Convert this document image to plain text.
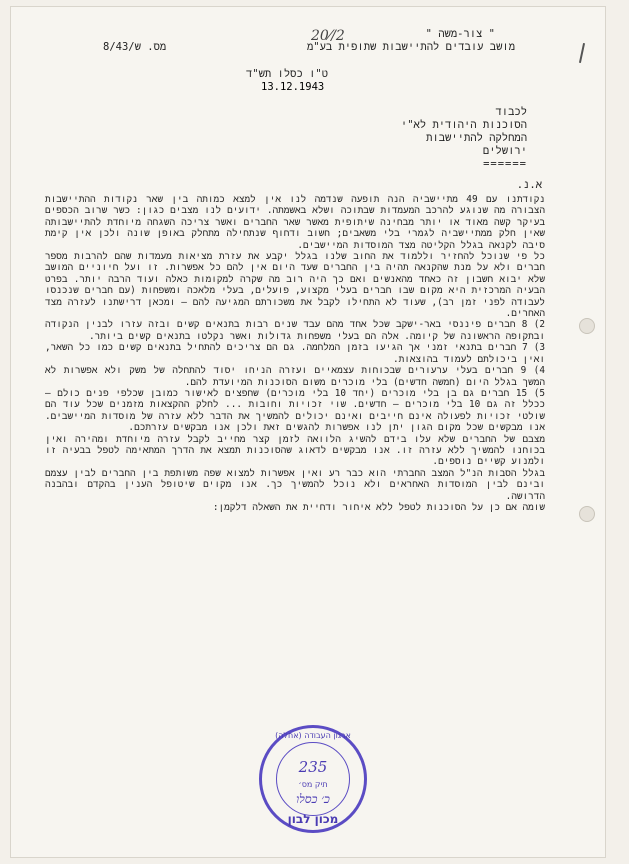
" צור-משה "
מושב עובדים להתיישבות שתופית בע"מ
מס. ש/8/43
20⁄/2
ט"ו כסלו תש"ד
13.12.1943
לכבוד
הסוכנות היהודית לא"י
המחלקה להתיישבות
ירושלים
======
א.נ.

נקודתנו עם 49 מתיישביה הנה תופעה שנדמה לנו אין למצא כמותה בין שאר נקודות ההתיישבות הצבורה מה שנוגע להרכב המעמדות שבתוכה ושלא באשמתה. ידועים לנו מצבים כגון: כשר שרוב הכספים בעיקר קשה מאוד או יותר מבחינה שיתופית מאשר שאר החברים ואשר צריכה השגחה מיוחדת להתיישבותה שאין חלק ממתיישביה לגמרי בלי משאבים; חשוב ודחוף שנתחילה מתחלק באופן שונה ולכן אין קימת סיבה לקנאה בגלל הקליטה מצד המוסדות המיישבים.

כל פי שנוכל להחזיר וללמוד את החוב שלנו בגלל יקבע את עזרת מציאות מעמדות שהם להרבות מספר חברים ולא על מנת שהקנאה תהיה בין החברים שעד היום אין להם כל אפשרות. זו ועל חיוניים המושב שלא יבוא חשבון זה כאחד מהאנשים ואם כך היה רוב מה שקרה למקומות כאלה ועוד הרבה יותר. בפרט הבעיה המרכזית היא מקום שבו חברים בעלי מקצוע, פועלים, בעלי מלאכה ומשפחות (עם חברים שנכנסו לעבודה לפני זמן רב), שעוד לא התחילו לקבל את משכורתם המגיעה להם — ומכאן דרישתנו לעזרה מצד האחרים.

2) 8 חברים פיננסי באר-ישקב שכל אחד מהם עבד שנים רבות בתנאים קשים ובזה עזרו לבנין הנקודה ובתקופה הראשונה של קיומה. אלה הם בעלי משפחות גדולות ואשר נקלטו בתנאים קשים ביותר.

3) 7 חברים בתנאי זמני אך הגיעו בזמן המלחמה. גם הם צריכים להתחיל בתנאים קשים כמו כל השאר, ואין ביכולתם לעמוד בהוצאות.

4) 9 חברים בעלי ערעורים שבכוחות עצמאיים ועזרה הניחו יסוד להתחלה של משק ולא אפשרות לא המשך בגלל היום (חמשה חדשים) בלי מוכרים משום הסוכנות המיועדת להם.

5) 15 חברים גם בן בלי מוכרים (יחד 10 בלי מוכרים) שחפצים לאישור כמובן שכלפי פנים כולם — ככלל זה גם 10 בלי מוכרים — חדשים. שוי זכויות וחובות ... לחלק ההקצאות מזמנים שכל עוד הם שולטי זכויות לפעולה אינם חייבים ואינם יכולים להמשיך את הדבר ללא עזרה של מוסדות המיישבים. אנו מבקשים שכל מקום הגון יתן לנו אפשרות להגשים זאת ולכן אנו מבקשים עזרתכם.

מצבם של החברים שלא עלו בידם להשיג הלוואה לזמן קצר מחייב לקבל עזרה מיוחדת ומהירה ואין בכוחנו להמשיך ללא עזרה זו. אנו מבקשים לדאוג שהסוכנות תמצא את הדרך המתאימה לטפל בבעיה זו ולמנוע קשיים נוספים.

בגלל הסבות הנ"ל המצב החברתי הוא כבר רע ואין אפשרות למצוא שפה משותפת בין החברים לבין עצמם ובינם לבין המוסדות האחראים ולא נוכל להמשיך כך. אנו מקוים שיטופל הענין בהקדם ובהבנה הדרושה.

שומה אם כן על הסוכנות לטפל ללא איחור ודחיית את השאלה דלקמן:

ארגון העבודה (אחלה)
235
תיק מס׳
כ׳ כסלו
מכון לבון
